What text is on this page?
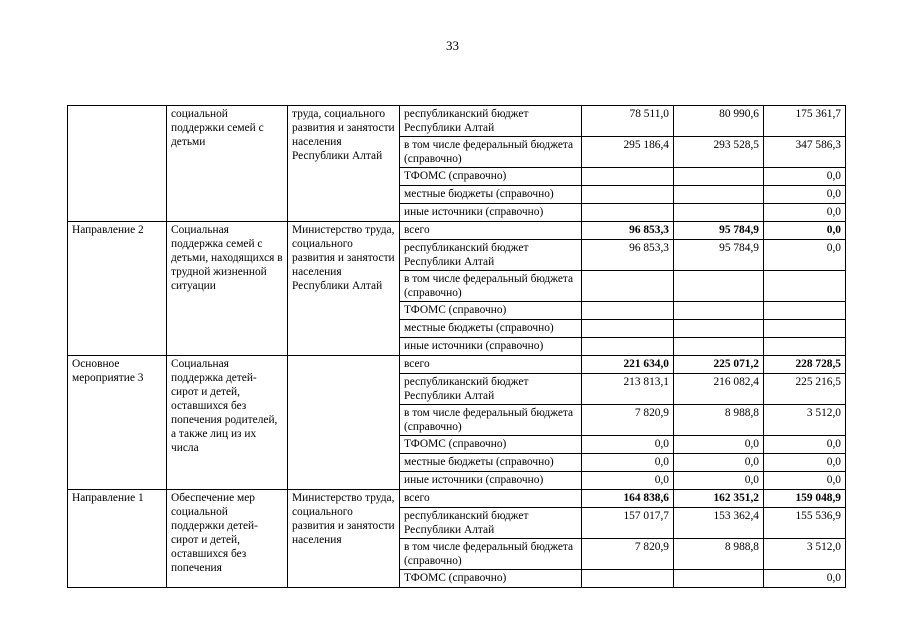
33
	социальной поддержки семей с детьми	труда, социального развития и занятости населения Республики Алтай	республиканский бюджет Республики Алтай	78 511,0	80 990,6	175 361,7
			в том числе федеральный бюджета (справочно)	295 186,4	293 528,5	347 586,3
			ТФОМС (справочно)			0,0
			местные бюджеты (справочно)			0,0
			иные источники (справочно)			0,0
Направление 2	Социальная поддержка семей с детьми, находящихся в трудной жизненной ситуации	Министерство труда, социального развития и занятости населения Республики Алтай	всего	96 853,3	95 784,9	0,0
			республиканский бюджет Республики Алтай	96 853,3	95 784,9	0,0
			в том числе федеральный бюджета (справочно)			
			ТФОМС (справочно)			
			местные бюджеты (справочно)			
			иные источники (справочно)			
Основное мероприятие 3	Социальная поддержка детей-сирот и детей, оставшихся без попечения родителей, а также лиц из их числа		всего	221 634,0	225 071,2	228 728,5
			республиканский бюджет Республики Алтай	213 813,1	216 082,4	225 216,5
			в том числе федеральный бюджета (справочно)	7 820,9	8 988,8	3 512,0
			ТФОМС (справочно)	0,0	0,0	0,0
			местные бюджеты (справочно)	0,0	0,0	0,0
			иные источники (справочно)	0,0	0,0	0,0
Направление 1	Обеспечение мер социальной поддержки детей-сирот и детей, оставшихся без попечения	Министерство труда, социального развития и занятости населения	всего	164 838,6	162 351,2	159 048,9
			республиканский бюджет Республики Алтай	157 017,7	153 362,4	155 536,9
			в том числе федеральный бюджета (справочно)	7 820,9	8 988,8	3 512,0
			ТФОМС (справочно)			0,0
